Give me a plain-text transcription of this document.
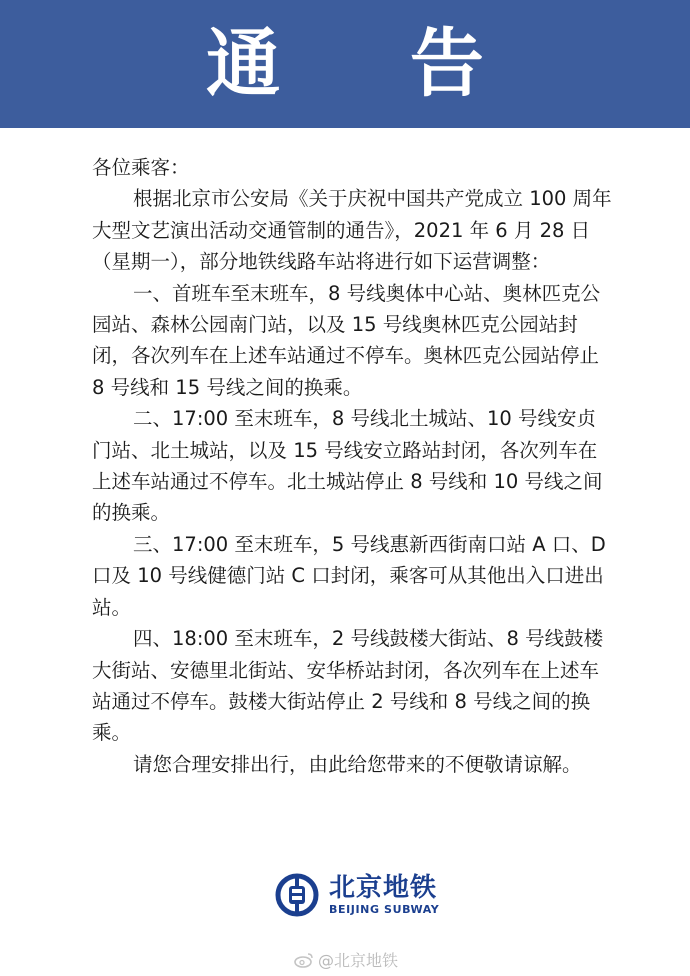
通 告

各位乘客：

根据北京市公安局《关于庆祝中国共产党成立 100 周年大型文艺演出活动交通管制的通告》，2021 年 6 月 28 日（星期一），部分地铁线路车站将进行如下运营调整：

一、首班车至末班车，8 号线奥体中心站、奥林匹克公园站、森林公园南门站，以及 15 号线奥林匹克公园站封闭，各次列车在上述车站通过不停车。奥林匹克公园站停止 8 号线和 15 号线之间的换乘。

二、17:00 至末班车，8 号线北土城站、10 号线安贞门站、北土城站，以及 15 号线安立路站封闭，各次列车在上述车站通过不停车。北土城站停止 8 号线和 10 号线之间的换乘。

三、17:00 至末班车，5 号线惠新西街南口站 A 口、D 口及 10 号线健德门站 C 口封闭，乘客可从其他出入口进出站。

四、18:00 至末班车，2 号线鼓楼大街站、8 号线鼓楼大街站、安德里北街站、安华桥站封闭，各次列车在上述车站通过不停车。鼓楼大街站停止 2 号线和 8 号线之间的换乘。

请您合理安排出行，由此给您带来的不便敬请谅解。

北京地铁
BEIJING SUBWAY
@北京地铁
